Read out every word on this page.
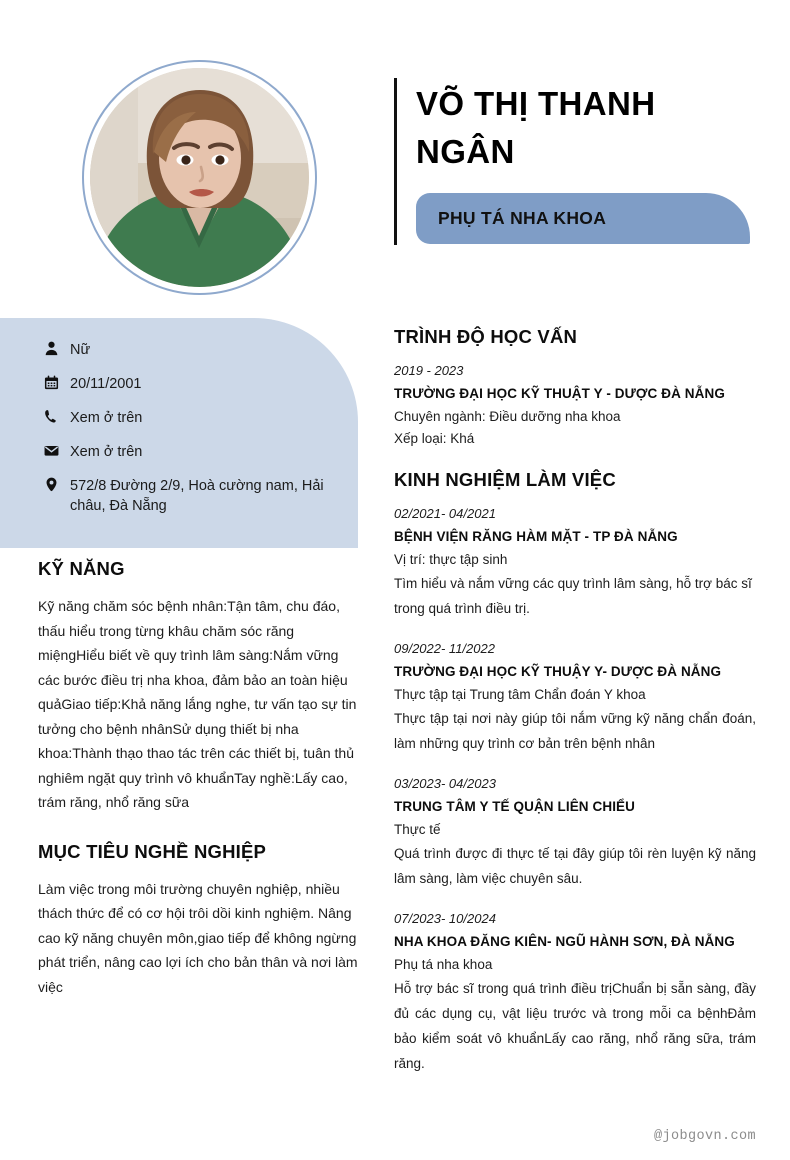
Nữ
20/11/2001
Xem ở trên
Xem ở trên
572/8 Đường 2/9, Hoà cường nam, Hải châu, Đà Nẵng
KỸ NĂNG

Kỹ năng chăm sóc bệnh nhân:Tận tâm, chu đáo, thấu hiểu trong từng khâu chăm sóc răng miệngHiểu biết về quy trình lâm sàng:Nắm vững các bước điều trị nha khoa, đảm bảo an toàn hiệu quảGiao tiếp:Khả năng lắng nghe, tư vấn tạo sự tin tưởng cho bệnh nhânSử dụng thiết bị nha khoa:Thành thạo thao tác trên các thiết bị, tuân thủ nghiêm ngặt quy trình vô khuẩnTay nghề:Lấy cao, trám răng, nhổ răng sữa

MỤC TIÊU NGHỀ NGHIỆP

Làm việc trong môi trường chuyên nghiệp, nhiều thách thức để có cơ hội trôi dồi kinh nghiệm. Nâng cao kỹ năng chuyên môn,giao tiếp để không ngừng phát triển, nâng cao lợi ích cho bản thân và nơi làm việc

VÕ THỊ THANH NGÂN
PHỤ TÁ NHA KHOA
TRÌNH ĐỘ HỌC VẤN
2019 - 2023
TRƯỜNG ĐẠI HỌC KỸ THUẬT Y - DƯỢC ĐÀ NẴNG
Chuyên ngành: Điều dưỡng nha khoa
Xếp loại: Khá
KINH NGHIỆM LÀM VIỆC
02/2021- 04/2021
BỆNH VIỆN RĂNG HÀM MẶT - TP ĐÀ NẴNG
Vị trí: thực tập sinh
Tìm hiểu và nắm vững các quy trình lâm sàng, hỗ trợ bác sĩ trong quá trình điều trị.
09/2022- 11/2022
TRƯỜNG ĐẠI HỌC KỸ THUẬY Y- DƯỢC ĐÀ NẴNG
Thực tập tại Trung tâm Chẩn đoán Y khoa
Thực tập tại nơi này giúp tôi nắm vững kỹ năng chẩn đoán, làm những quy trình cơ bản trên bệnh nhân
03/2023- 04/2023
TRUNG TÂM Y TẾ QUẬN LIÊN CHIỂU
Thực tế
Quá trình được đi thực tế tại đây giúp tôi rèn luyện kỹ năng lâm sàng, làm việc chuyên sâu.
07/2023- 10/2024
NHA KHOA ĐĂNG KIÊN- NGŨ HÀNH SƠN, ĐÀ NẴNG
Phụ tá nha khoa
Hỗ trợ bác sĩ trong quá trình điều trịChuẩn bị sẵn sàng, đầy đủ các dụng cụ, vật liệu trước và trong mỗi ca bệnhĐảm bảo kiểm soát vô khuẩnLấy cao răng, nhổ răng sữa, trám răng.
@jobgovn.com
